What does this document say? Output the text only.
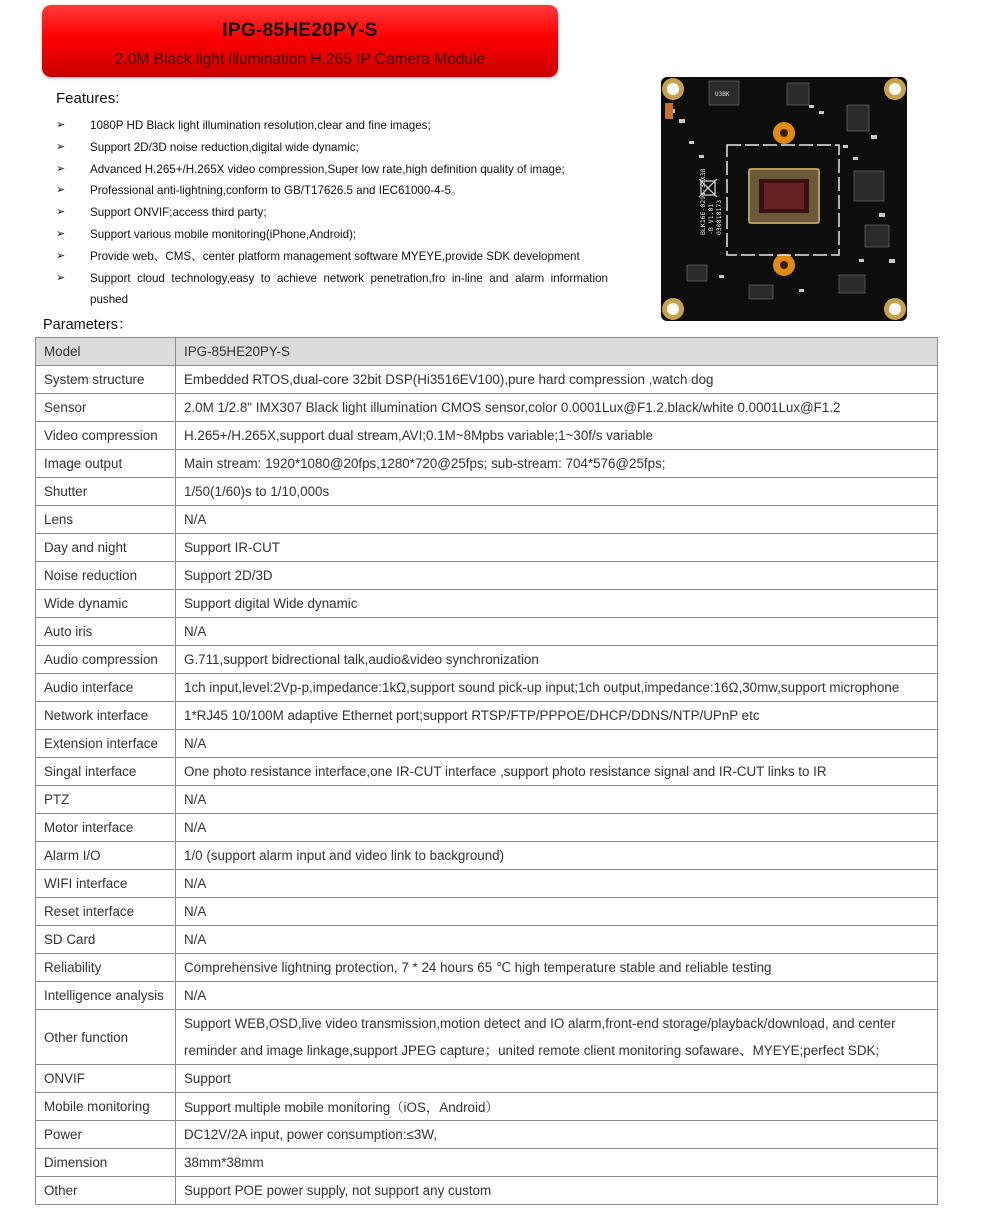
IPG-85HE20PY-S
2.0M Black light illumination H.265 IP Camera Module
Features:
➢ 1080P HD Black light illumination resolution,clear and fine images;
➢ Support 2D/3D noise reduction,digital wide dynamic;
➢ Advanced H.265+/H.265X video compression,Super low rate,high definition quality of image;
➢ Professional anti-lightning,conform to GB/T17626.5 and IEC61000-4-5。
➢ Support ONVIF;access third party;
➢ Support various mobile monitoring(iPhone,Android);
➢ Provide web、CMS、center platform management software MYEYE,provide SDK development
➢ Support cloud technology,easy to achieve network penetration,fro in-line and alarm information pushed
Parameters：
U3BK
BLK16E-0291-38X38 -B V1.01 030818173
Model	IPG-85HE20PY-S
System structure	Embedded RTOS,dual-core 32bit DSP(Hi3516EV100),pure hard compression ,watch dog
Sensor	2.0M 1/2.8" IMX307 Black light illumination CMOS sensor,color 0.0001Lux@F1.2.black/white 0.0001Lux@F1.2
Video compression	H.265+/H.265X,support dual stream,AVI;0.1M~8Mpbs variable;1~30f/s variable
Image output	Main stream: 1920*1080@20fps,1280*720@25fps; sub-stream: 704*576@25fps;
Shutter	1/50(1/60)s to 1/10,000s
Lens	N/A
Day and night	Support IR-CUT
Noise reduction	Support 2D/3D
Wide dynamic	Support digital Wide dynamic
Auto iris	N/A
Audio compression	G.711,support bidrectional talk,audio&video synchronization
Audio interface	1ch input,level:2Vp-p,impedance:1kΩ,support sound pick-up input;1ch output,impedance:16Ω,30mw,support microphone
Network interface	1*RJ45 10/100M adaptive Ethernet port;support RTSP/FTP/PPPOE/DHCP/DDNS/NTP/UPnP etc
Extension interface	N/A
Singal interface	One photo resistance interface,one IR-CUT interface ,support photo resistance signal and IR-CUT links to IR
PTZ	N/A
Motor interface	N/A
Alarm I/O	1/0 (support alarm input and video link to background)
WIFI interface	N/A
Reset interface	N/A
SD Card	N/A
Reliability	Comprehensive lightning protection, 7 * 24 hours 65 ℃ high temperature stable and reliable testing
Intelligence analysis	N/A
Other function	Support WEB,OSD,live video transmission,motion detect and IO alarm,front-end storage/playback/download, and center
reminder and image linkage,support JPEG capture；united remote client monitoring sofaware、MYEYE;perfect SDK;

ONVIF	Support
Mobile monitoring	Support multiple mobile monitoring（iOS，Android）
Power	DC12V/2A input, power consumption:≤3W,
Dimension	38mm*38mm
Other	Support POE power supply, not support any custom
